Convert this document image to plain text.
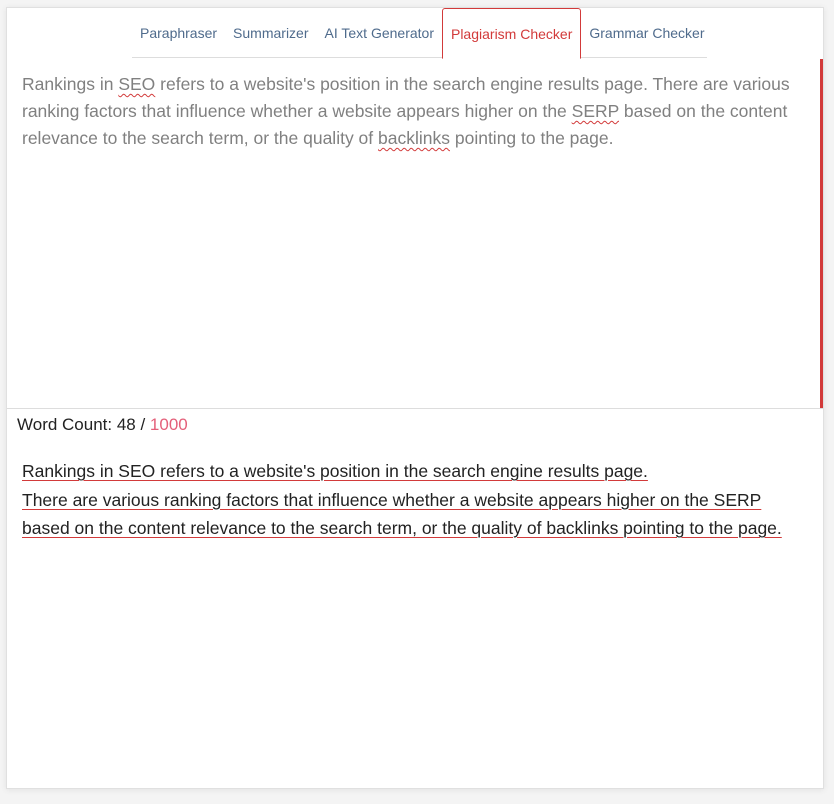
Paraphraser	Summarizer	AI Text Generator	Plagiarism Checker	Grammar Checker
Rankings in SEO refers to a website's position in the search engine results page. There are various ranking factors that influence whether a website appears higher on the SERP based on the content relevance to the search term, or the quality of backlinks pointing to the page.
Word Count: 48 / 1000
Rankings in SEO refers to a website's position in the search engine results page.
There are various ranking factors that influence whether a website appears higher on the SERP
based on the content relevance to the search term, or the quality of backlinks pointing to the page.
